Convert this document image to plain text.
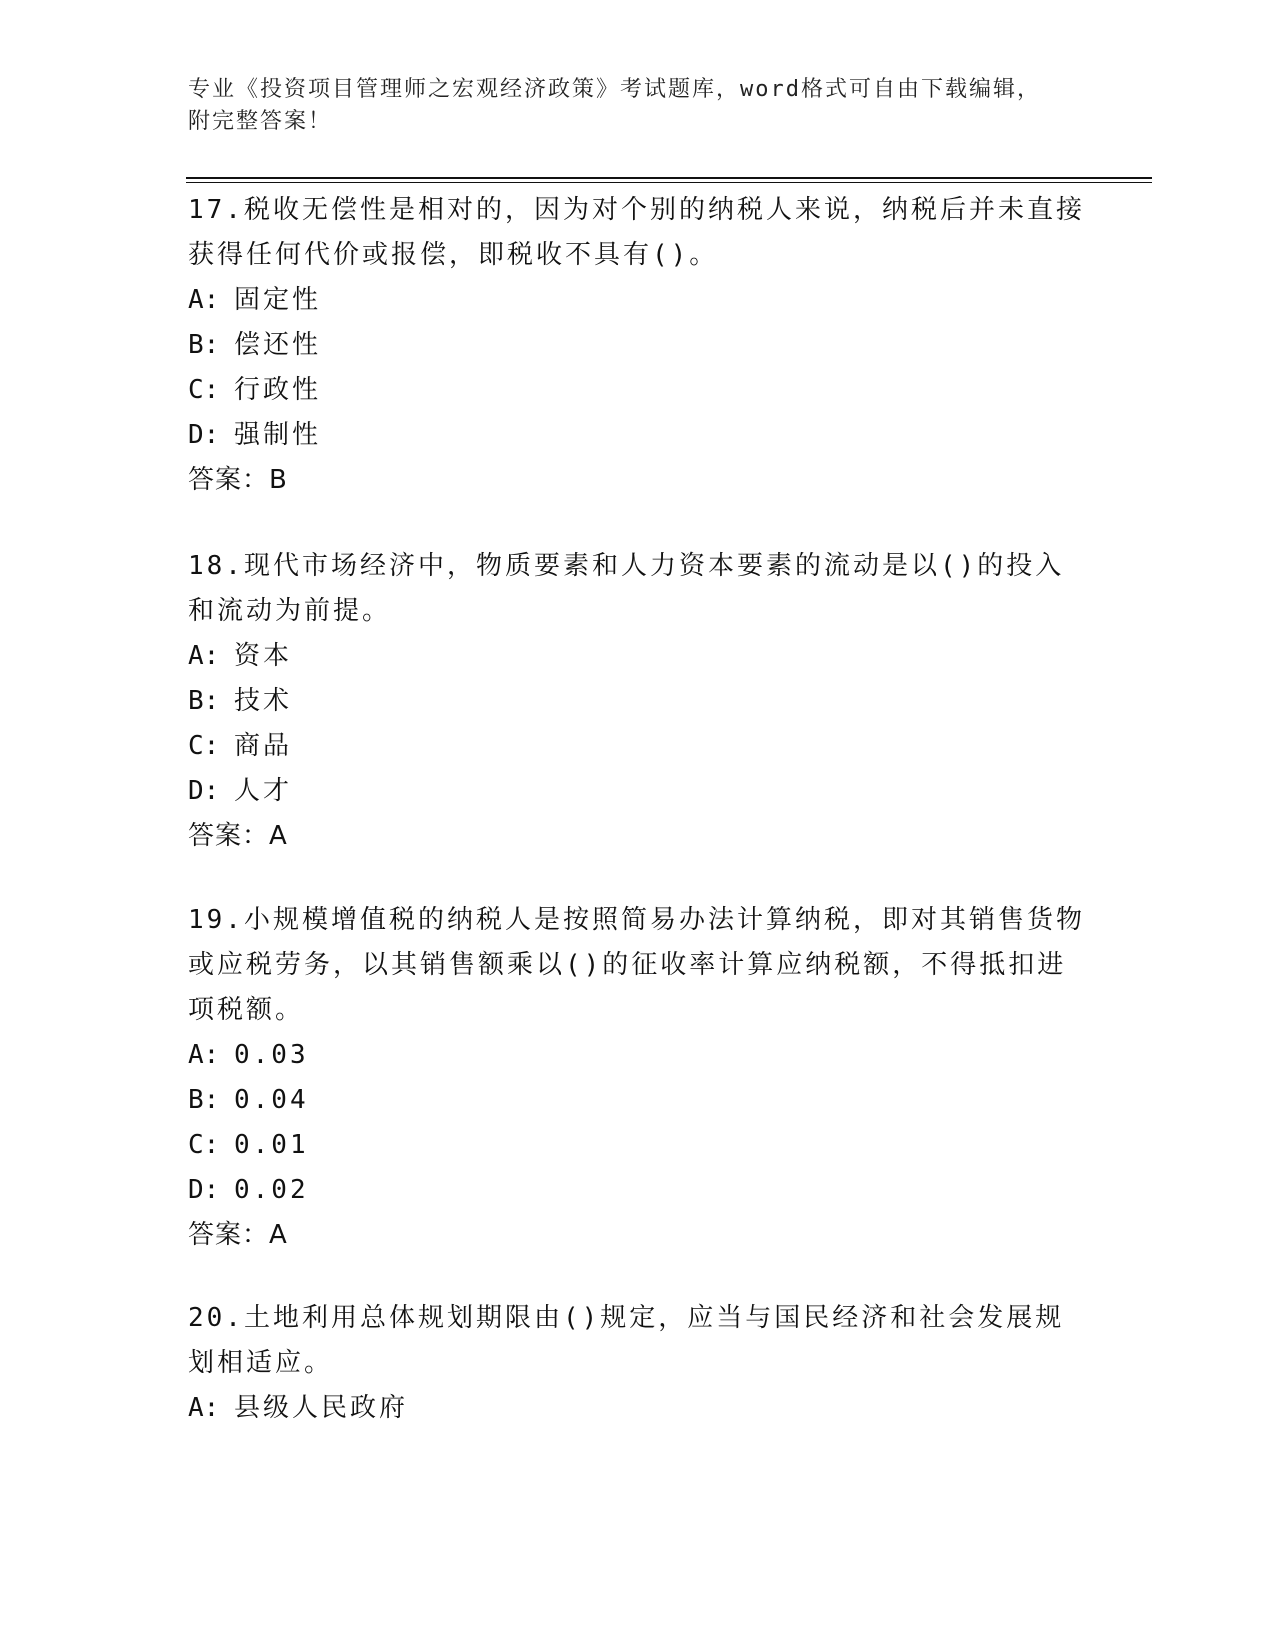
专业《投资项目管理师之宏观经济政策》考试题库，word格式可自由下载编辑，
附完整答案！

17.税收无偿性是相对的，因为对个别的纳税人来说，纳税后并未直接获得任何代价或报偿，即税收不具有()。

A: 固定性
B: 偿还性
C: 行政性
D: 强制性
答案：B

18.现代市场经济中，物质要素和人力资本要素的流动是以()的投入和流动为前提。

A: 资本
B: 技术
C: 商品
D: 人才
答案：A

19.小规模增值税的纳税人是按照简易办法计算纳税，即对其销售货物或应税劳务，以其销售额乘以()的征收率计算应纳税额，不得抵扣进项税额。

A: 0.03
B: 0.04
C: 0.01
D: 0.02
答案：A

20.土地利用总体规划期限由()规定，应当与国民经济和社会发展规划相适应。

A: 县级人民政府
